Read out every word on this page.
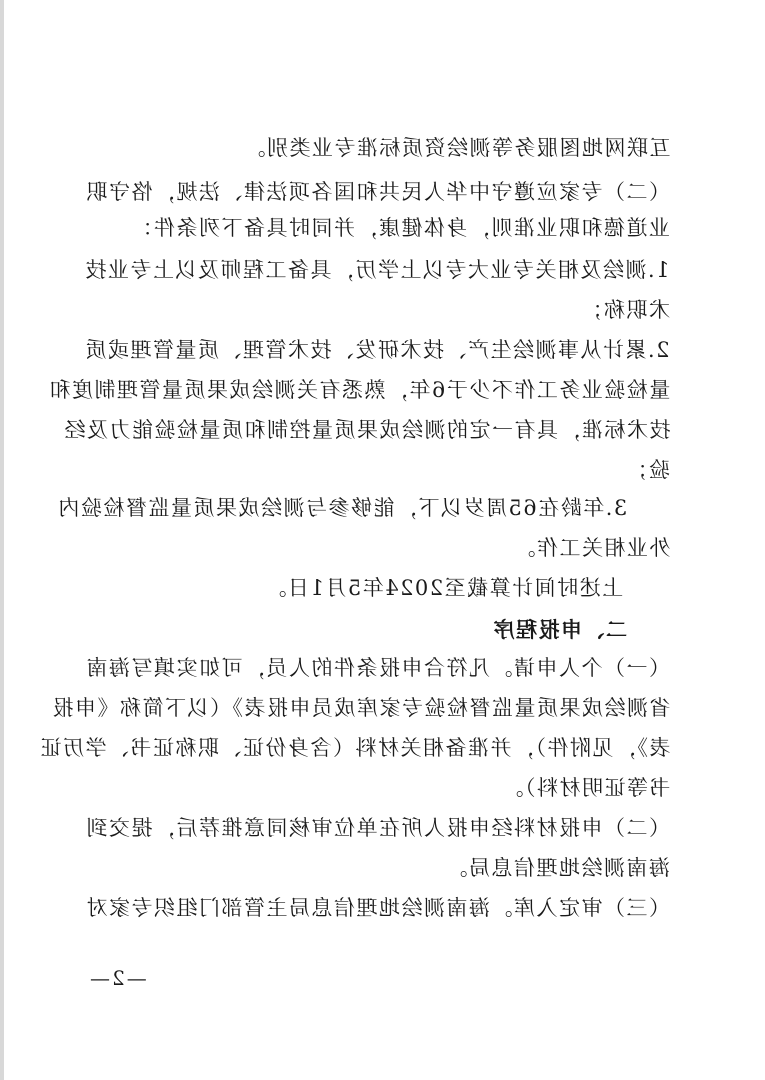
互联网地图服务等测绘资质标准专业类别。
（二）专家应遵守中华人民共和国各项法律、法规，恪守职
业道德和职业准则，身体健康，并同时具备下列条件：
1.测绘及相关专业大专以上学历，具备工程师及以上专业技
术职称；
2.累计从事测绘生产、技术研发、技术管理、质量管理或质
量检验业务工作不少于6年，熟悉有关测绘成果质量管理制度和
技术标准，具有一定的测绘成果质量控制和质量检验能力及经
验；
3.年龄在65周岁以下，能够参与测绘成果质量监督检验内
外业相关工作。
上述时间计算截至2024年5月1日。
二、申报程序
（一）个人申请。凡符合申报条件的人员，可如实填写海南
省测绘成果质量监督检验专家库成员申报表》（以下简称《申报
表》，见附件），并准备相关材料（含身份证、职称证书、学历证
书等证明材料）。
（二）申报材料经申报人所在单位审核同意推荐后，提交到
海南测绘地理信息局。
（三）审定入库。海南测绘地理信息局主管部门组织专家对
—2—
